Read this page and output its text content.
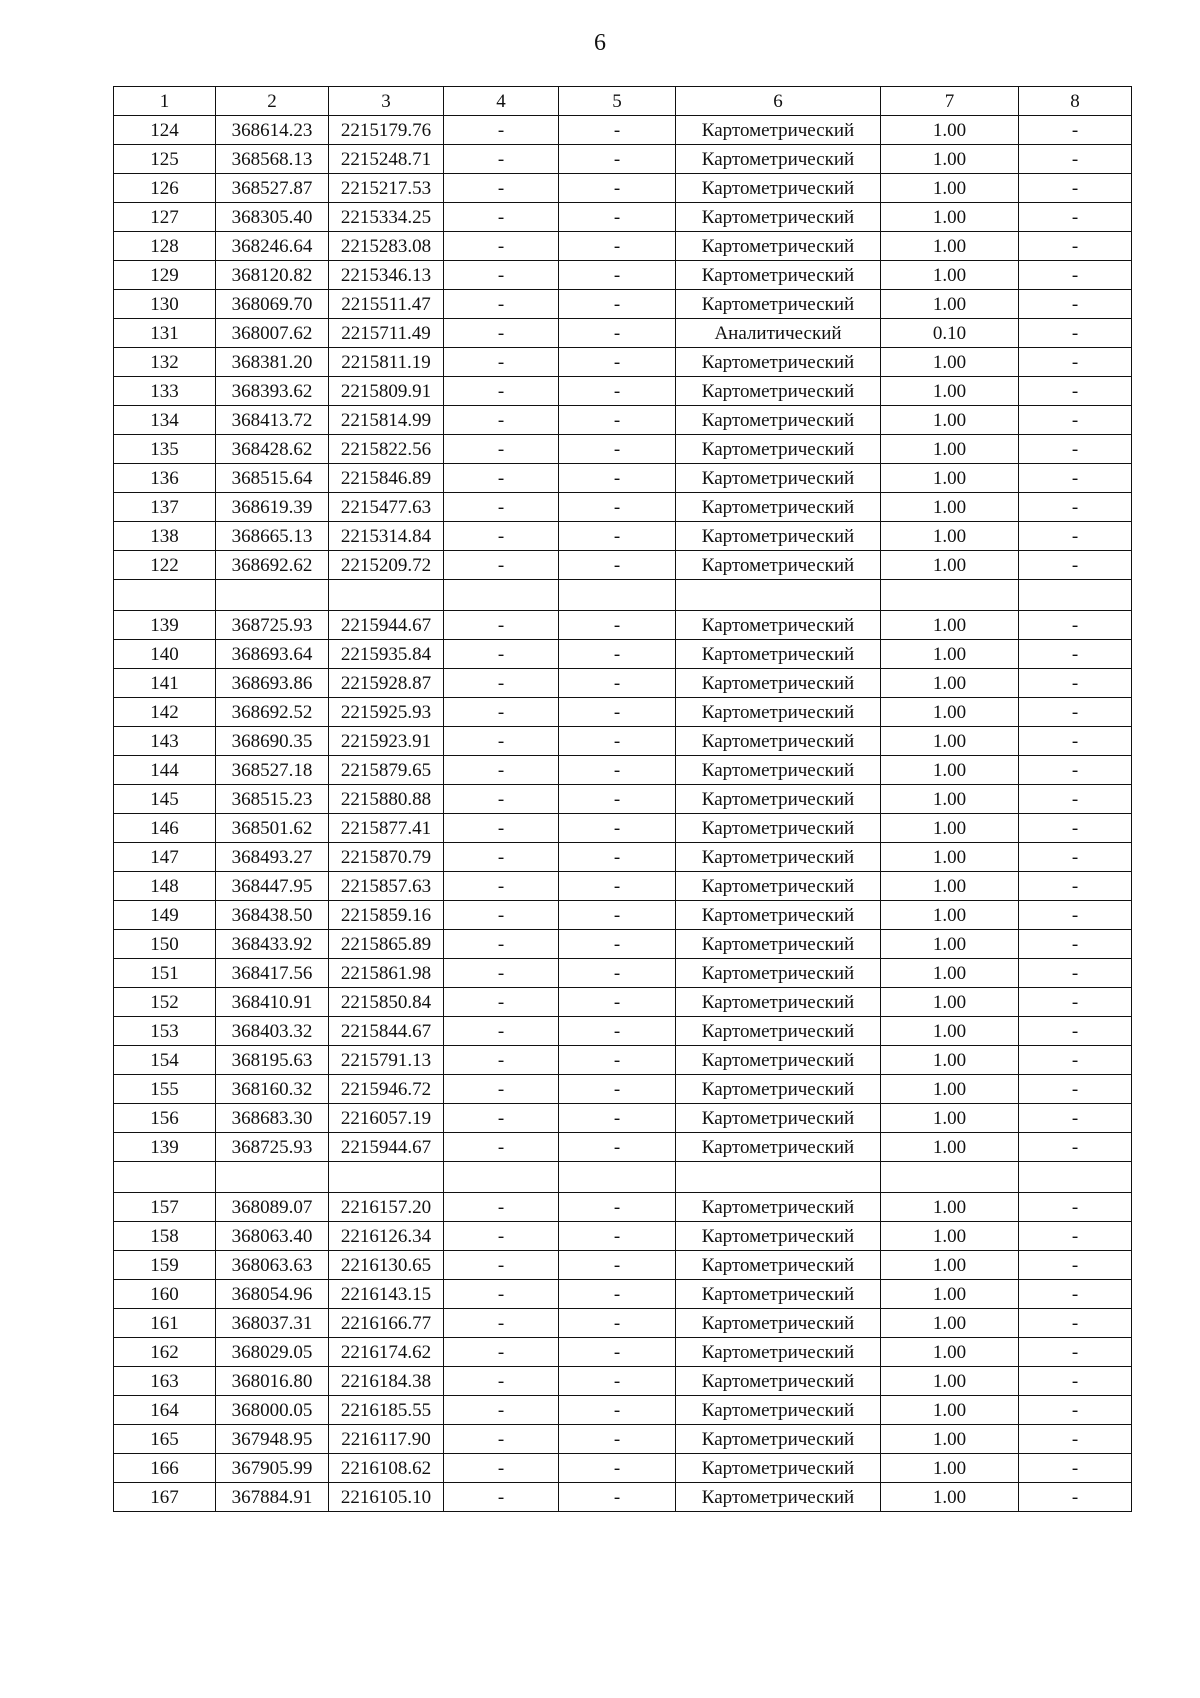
6
1	2	3	4	5	6	7	8
124	368614.23	2215179.76	-	-	Картометрический	1.00	-
125	368568.13	2215248.71	-	-	Картометрический	1.00	-
126	368527.87	2215217.53	-	-	Картометрический	1.00	-
127	368305.40	2215334.25	-	-	Картометрический	1.00	-
128	368246.64	2215283.08	-	-	Картометрический	1.00	-
129	368120.82	2215346.13	-	-	Картометрический	1.00	-
130	368069.70	2215511.47	-	-	Картометрический	1.00	-
131	368007.62	2215711.49	-	-	Аналитический	0.10	-
132	368381.20	2215811.19	-	-	Картометрический	1.00	-
133	368393.62	2215809.91	-	-	Картометрический	1.00	-
134	368413.72	2215814.99	-	-	Картометрический	1.00	-
135	368428.62	2215822.56	-	-	Картометрический	1.00	-
136	368515.64	2215846.89	-	-	Картометрический	1.00	-
137	368619.39	2215477.63	-	-	Картометрический	1.00	-
138	368665.13	2215314.84	-	-	Картометрический	1.00	-
122	368692.62	2215209.72	-	-	Картометрический	1.00	-

139	368725.93	2215944.67	-	-	Картометрический	1.00	-
140	368693.64	2215935.84	-	-	Картометрический	1.00	-
141	368693.86	2215928.87	-	-	Картометрический	1.00	-
142	368692.52	2215925.93	-	-	Картометрический	1.00	-
143	368690.35	2215923.91	-	-	Картометрический	1.00	-
144	368527.18	2215879.65	-	-	Картометрический	1.00	-
145	368515.23	2215880.88	-	-	Картометрический	1.00	-
146	368501.62	2215877.41	-	-	Картометрический	1.00	-
147	368493.27	2215870.79	-	-	Картометрический	1.00	-
148	368447.95	2215857.63	-	-	Картометрический	1.00	-
149	368438.50	2215859.16	-	-	Картометрический	1.00	-
150	368433.92	2215865.89	-	-	Картометрический	1.00	-
151	368417.56	2215861.98	-	-	Картометрический	1.00	-
152	368410.91	2215850.84	-	-	Картометрический	1.00	-
153	368403.32	2215844.67	-	-	Картометрический	1.00	-
154	368195.63	2215791.13	-	-	Картометрический	1.00	-
155	368160.32	2215946.72	-	-	Картометрический	1.00	-
156	368683.30	2216057.19	-	-	Картометрический	1.00	-
139	368725.93	2215944.67	-	-	Картометрический	1.00	-

157	368089.07	2216157.20	-	-	Картометрический	1.00	-
158	368063.40	2216126.34	-	-	Картометрический	1.00	-
159	368063.63	2216130.65	-	-	Картометрический	1.00	-
160	368054.96	2216143.15	-	-	Картометрический	1.00	-
161	368037.31	2216166.77	-	-	Картометрический	1.00	-
162	368029.05	2216174.62	-	-	Картометрический	1.00	-
163	368016.80	2216184.38	-	-	Картометрический	1.00	-
164	368000.05	2216185.55	-	-	Картометрический	1.00	-
165	367948.95	2216117.90	-	-	Картометрический	1.00	-
166	367905.99	2216108.62	-	-	Картометрический	1.00	-
167	367884.91	2216105.10	-	-	Картометрический	1.00	-
